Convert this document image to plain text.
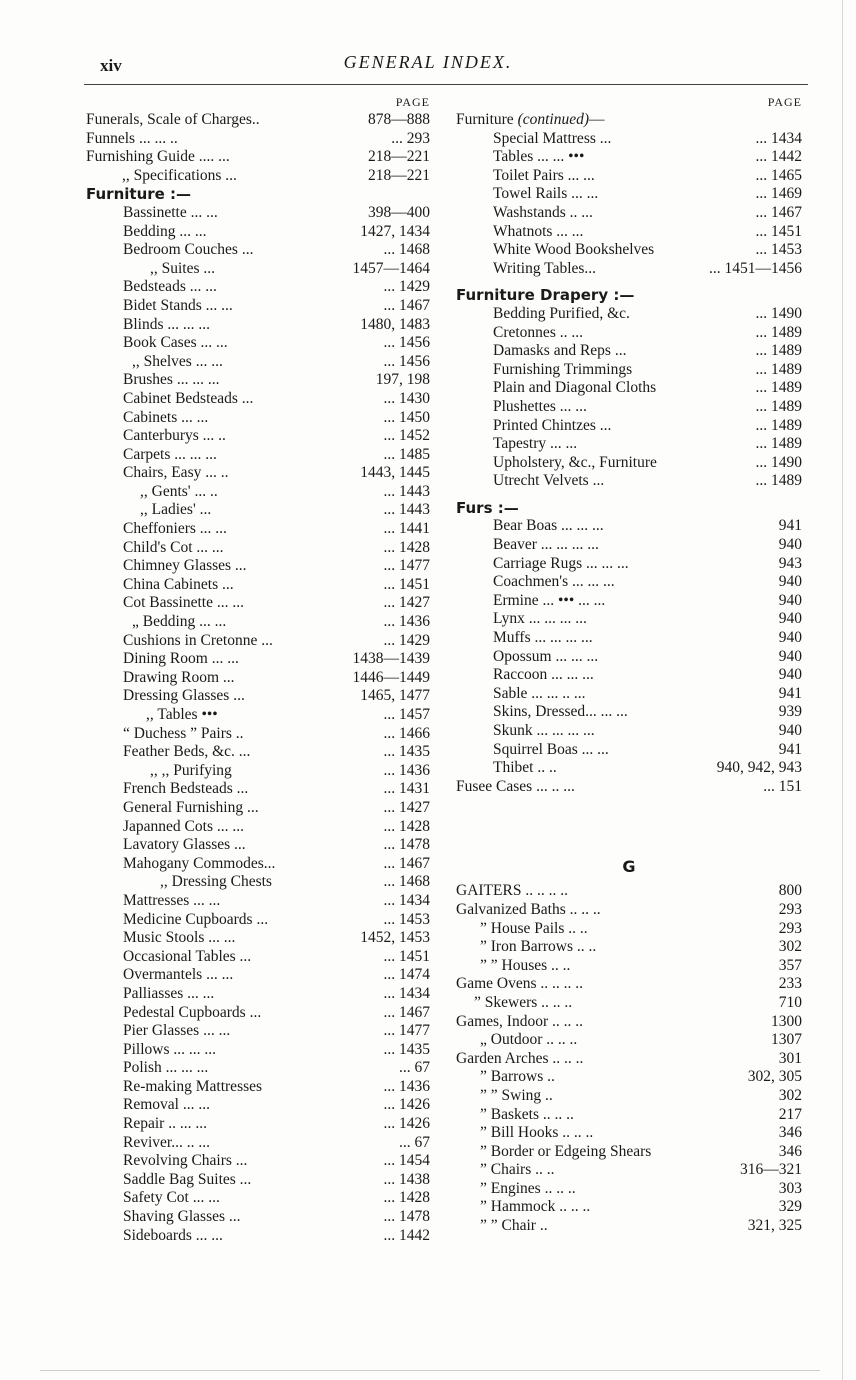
xiv	GENERAL INDEX.
PAGE
Funerals, Scale of Charges..	878—888
Funnels ... ... ..	... 293
Furnishing Guide .... ...	218—221
,, Specifications ...	218—221
Furniture :—
Bassinette ... ...	398—400
Bedding ... ...	1427, 1434
Bedroom Couches ...	... 1468
,, Suites ...	1457—1464
Bedsteads ... ...	... 1429
Bidet Stands ... ...	... 1467
Blinds ... ... ...	1480, 1483
Book Cases ... ...	... 1456
,, Shelves ... ...	... 1456
Brushes ... ... ...	197, 198
Cabinet Bedsteads ...	... 1430
Cabinets ... ...	... 1450
Canterburys ... ..	... 1452
Carpets ... ... ...	... 1485
Chairs, Easy ... ..	1443, 1445
,, Gents' ... ..	... 1443
,, Ladies' ...	... 1443
Cheffoniers ... ...	... 1441
Child's Cot ... ...	... 1428
Chimney Glasses ...	... 1477
China Cabinets ...	... 1451
Cot Bassinette ... ...	... 1427
„ Bedding ... ...	... 1436
Cushions in Cretonne ...	... 1429
Dining Room ... ...	1438—1439
Drawing Room ...	1446—1449
Dressing Glasses ...	1465, 1477
,, Tables •••	... 1457
“ Duchess ” Pairs ..	... 1466
Feather Beds, &c. ...	... 1435
,, ,, Purifying	... 1436
French Bedsteads ...	... 1431
General Furnishing ...	... 1427
Japanned Cots ... ...	... 1428
Lavatory Glasses ...	... 1478
Mahogany Commodes...	... 1467
,, Dressing Chests	... 1468
Mattresses ... ...	... 1434
Medicine Cupboards ...	... 1453
Music Stools ... ...	1452, 1453
Occasional Tables ...	... 1451
Overmantels ... ...	... 1474
Palliasses ... ...	... 1434
Pedestal Cupboards ...	... 1467
Pier Glasses ... ...	... 1477
Pillows ... ... ...	... 1435
Polish ... ... ...	... 67
Re-making Mattresses	... 1436
Removal ... ...	... 1426
Repair .. ... ...	... 1426
Reviver... .. ...	... 67
Revolving Chairs ...	... 1454
Saddle Bag Suites ...	... 1438
Safety Cot ... ...	... 1428
Shaving Glasses ...	... 1478
Sideboards ... ...	... 1442
PAGE
Furniture (continued)—
Special Mattress ...	... 1434
Tables ... ... •••	... 1442
Toilet Pairs ... ...	... 1465
Towel Rails ... ...	... 1469
Washstands .. ...	... 1467
Whatnots ... ...	... 1451
White Wood Bookshelves	... 1453
Writing Tables...	... 1451—1456
Furniture Drapery :—
Bedding Purified, &c.	... 1490
Cretonnes .. ...	... 1489
Damasks and Reps ...	... 1489
Furnishing Trimmings	... 1489
Plain and Diagonal Cloths	... 1489
Plushettes ... ...	... 1489
Printed Chintzes ...	... 1489
Tapestry ... ...	... 1489
Upholstery, &c., Furniture	... 1490
Utrecht Velvets ...	... 1489
Furs :—
Bear Boas ... ... ...	941
Beaver ... ... ... ...	940
Carriage Rugs ... ... ...	943
Coachmen's ... ... ...	940
Ermine ... ••• ... ...	940
Lynx ... ... ... ...	940
Muffs ... ... ... ...	940
Opossum ... ... ...	940
Raccoon ... ... ...	940
Sable ... ... .. ...	941
Skins, Dressed... ... ...	939
Skunk ... ... ... ...	940
Squirrel Boas ... ...	941
Thibet .. ..	940, 942, 943
Fusee Cases ... .. ...	... 151
G
GAITERS .. .. .. ..	800
Galvanized Baths .. .. ..	293
” House Pails .. ..	293
” Iron Barrows .. ..	302
” ” Houses .. ..	357
Game Ovens .. .. .. ..	233
” Skewers .. .. ..	710
Games, Indoor .. .. ..	1300
„ Outdoor .. .. ..	1307
Garden Arches .. .. ..	301
” Barrows ..	302, 305
” ” Swing ..	302
” Baskets .. .. ..	217
” Bill Hooks .. .. ..	346
” Border or Edgeing Shears	346
” Chairs .. ..	316—321
” Engines .. .. ..	303
” Hammock .. .. ..	329
” ” Chair ..	321, 325
